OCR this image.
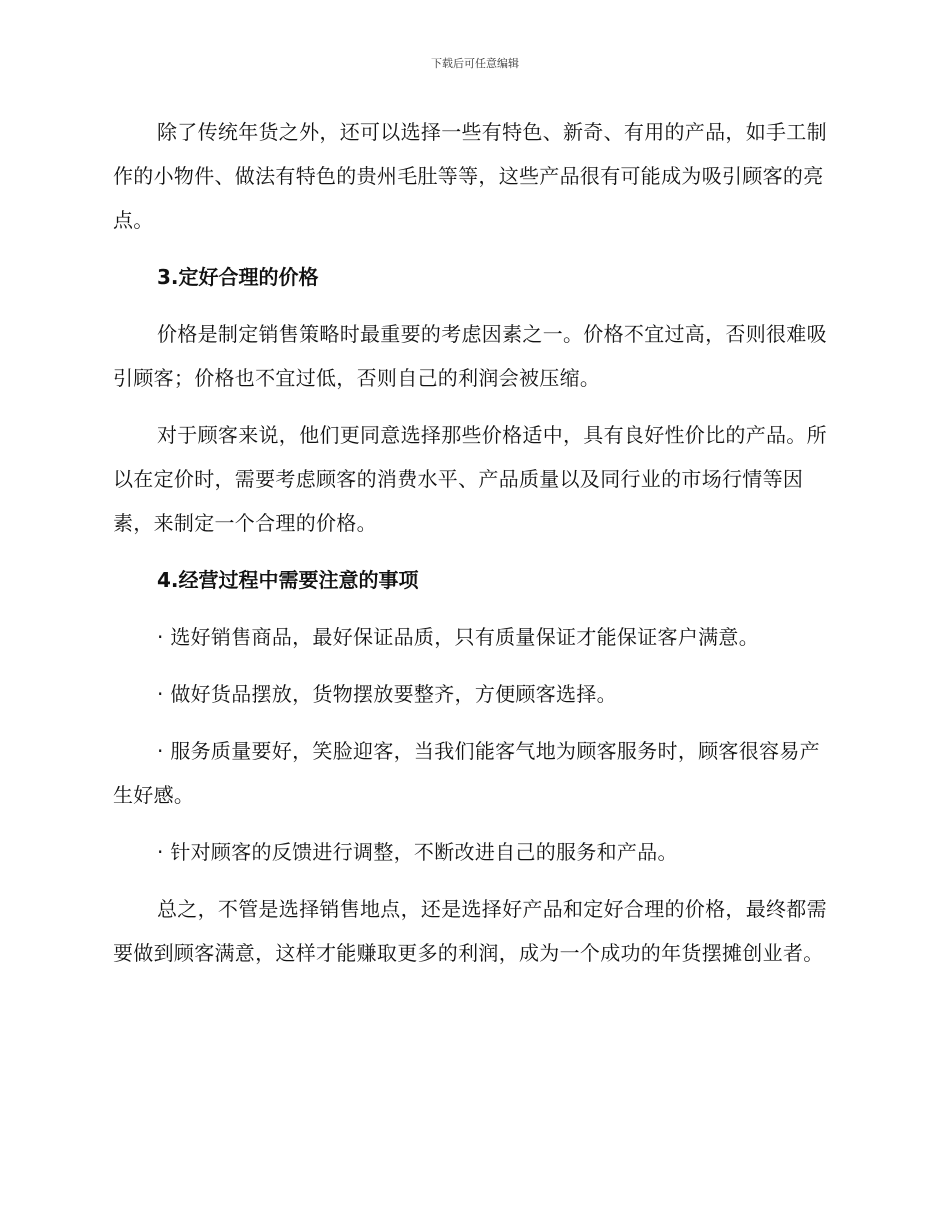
下载后可任意编辑

除了传统年货之外，还可以选择一些有特色、新奇、有用的产品，如手工制作的小物件、做法有特色的贵州毛肚等等，这些产品很有可能成为吸引顾客的亮点。

3.定好合理的价格

价格是制定销售策略时最重要的考虑因素之一。价格不宜过高，否则很难吸引顾客；价格也不宜过低，否则自己的利润会被压缩。

对于顾客来说，他们更同意选择那些价格适中，具有良好性价比的产品。所以在定价时，需要考虑顾客的消费水平、产品质量以及同行业的市场行情等因素，来制定一个合理的价格。

4.经营过程中需要注意的事项

· 选好销售商品，最好保证品质，只有质量保证才能保证客户满意。

· 做好货品摆放，货物摆放要整齐，方便顾客选择。

· 服务质量要好，笑脸迎客，当我们能客气地为顾客服务时，顾客很容易产生好感。

· 针对顾客的反馈进行调整，不断改进自己的服务和产品。

总之，不管是选择销售地点，还是选择好产品和定好合理的价格，最终都需要做到顾客满意，这样才能赚取更多的利润，成为一个成功的年货摆摊创业者。
